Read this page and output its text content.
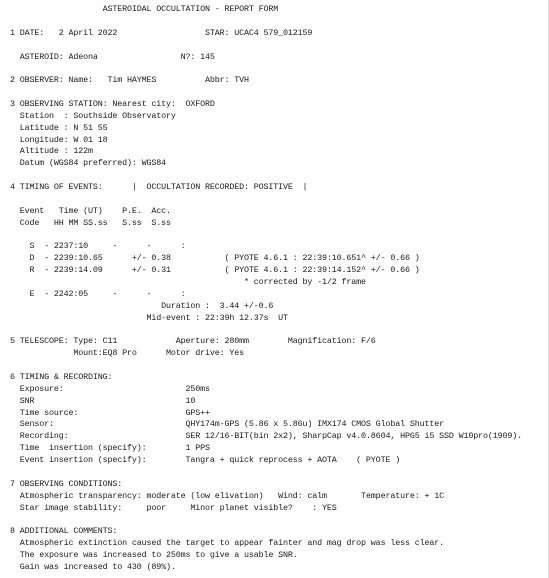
ASTEROIDAL OCCULTATION - REPORT FORM
1 DATE:   2 April 2022                  STAR: UCAC4 579_012159
ASTEROID: Adeona                 N?: 145
2 OBSERVER: Name:   Tim HAYMES          Abbr: TVH
3 OBSERVING STATION: Nearest city:  OXFORD
Station  : Southside Observatory
Latitude : N 51 55
Longitude: W 01 18
Altitude : 122m
Datum (WGS84 preferred): WGS84
4 TIMING OF EVENTS:      |  OCCULTATION RECORDED: POSITIVE  |
Event   Time (UT)    P.E.  Acc.
Code   HH MM SS.ss   S.ss  S.ss
S  - 2237:10     -      -      :
D  - 2239:10.65      +/- 0.38           ( PYOTE 4.6.1 : 22:39:10.651^ +/- 0.66 )
R  - 2239:14.09      +/- 0.31           ( PYOTE 4.6.1 : 22:39:14.152^ +/- 0.66 )
* corrected by -1/2 frame
E  - 2242:05     -      -      :
Duration :  3.44 +/-0.6
Mid-event : 22:39h 12.37s  UT
5 TELESCOPE: Type: C11            Aperture: 280mm        Magnification: F/6
Mount:EQ8 Pro      Motor drive: Yes
6 TIMING & RECORDING:
Exposure:                         250ms
SNR                               10
Time source:                      GPS++
Sensor:                           QHY174m-GPS (5.86 x 5.86u) IMX174 CMOS Global Shutter
Recording:                        SER 12/16-BIT(bin 2x2), SharpCap v4.0.8604, HPG5 i5 SSD W10pro(1909).
Time  insertion (specify):        1 PPS
Event insertion (specify):        Tangra + quick reprocess + AOTA    ( PYOTE )
7 OBSERVING CONDITIONS:
Atmospheric transparency: moderate (low elivation)   Wind: calm       Temperature: + 1C
Star image stability:     poor     Minor planet visible?    : YES
8 ADDITIONAL COMMENTS:
Atmospheric extinction caused the target to appear fainter and mag drop was less clear.
The exposure was increased to 250ms to give a usable SNR.
Gain was increased to 430 (89%).
